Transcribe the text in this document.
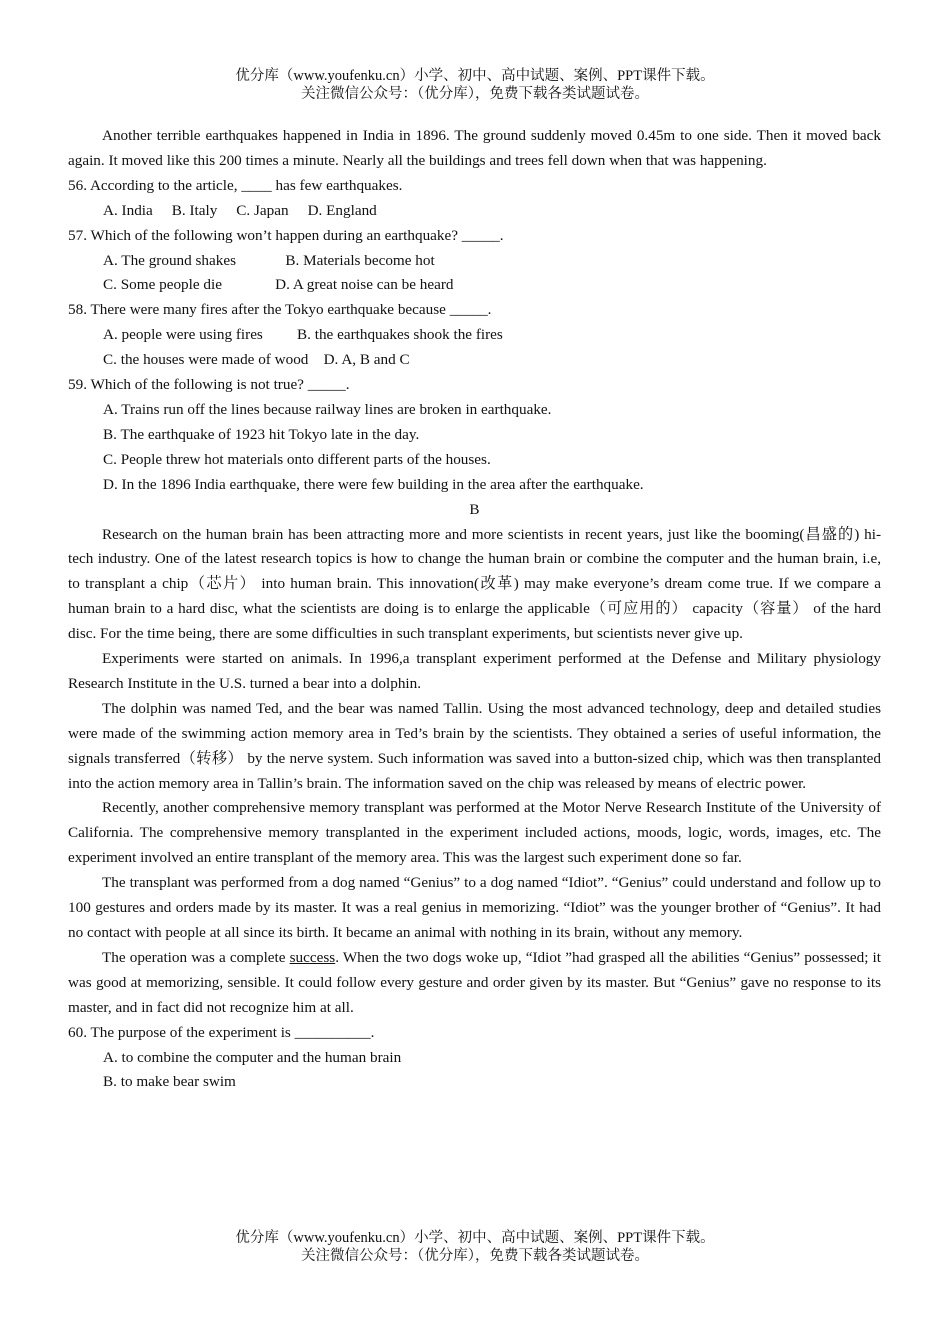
优分库（www.youfenku.cn）小学、初中、高中试题、案例、PPT课件下载。
关注微信公众号：（优分库），免费下载各类试题试卷。

Another terrible earthquakes happened in India in 1896. The ground suddenly moved 0.45m to one side. Then it moved back again. It moved like this 200 times a minute. Nearly all the buildings and trees fell down when that was happening.

56. According to the article, ____ has few earthquakes.

A. India     B. Italy     C. Japan     D. England

57. Which of the following won’t happen during an earthquake? _____.

A. The ground shakes             B. Materials become hot

C. Some people die              D. A great noise can be heard

58. There were many fires after the Tokyo earthquake because _____.

A. people were using fires         B. the earthquakes shook the fires

C. the houses were made of wood    D. A, B and C

59. Which of the following is not true? _____.

A. Trains run off the lines because railway lines are broken in earthquake.

B. The earthquake of 1923 hit Tokyo late in the day.

C. People threw hot materials onto different parts of the houses.

D. In the 1896 India earthquake, there were few building in the area after the earthquake.

B

Research on the human brain has been attracting more and more scientists in recent years, just like the booming(昌盛的) hi-tech industry. One of the latest research topics is how to change the human brain or combine the computer and the human brain, i.e, to transplant a chip（芯片） into human brain. This innovation(改革) may make everyone’s dream come true. If we compare a human brain to a hard disc, what the scientists are doing is to enlarge the applicable（可应用的） capacity（容量） of the hard disc. For the time being, there are some difficulties in such transplant experiments, but scientists never give up.

Experiments were started on animals. In 1996,a transplant experiment performed at the Defense and Military physiology Research Institute in the U.S. turned a bear into a dolphin.

The dolphin was named Ted, and the bear was named Tallin. Using the most advanced technology, deep and detailed studies were made of the swimming action memory area in Ted’s brain by the scientists. They obtained a series of useful information, the signals transferred（转移） by the nerve system. Such information was saved into a button-sized chip, which was then transplanted into the action memory area in Tallin’s brain. The information saved on the chip was released by means of electric power.

Recently, another comprehensive memory transplant was performed at the Motor Nerve Research Institute of the University of California. The comprehensive memory transplanted in the experiment included actions, moods, logic, words, images, etc. The experiment involved an entire transplant of the memory area. This was the largest such experiment done so far.

The transplant was performed from a dog named “Genius” to a dog named “Idiot”. “Genius” could understand and follow up to 100 gestures and orders made by its master. It was a real genius in memorizing. “Idiot” was the younger brother of “Genius”. It had no contact with people at all since its birth. It became an animal with nothing in its brain, without any memory.

The operation was a complete success. When the two dogs woke up, “Idiot ”had grasped all the abilities “Genius” possessed; it was good at memorizing, sensible. It could follow every gesture and order given by its master. But “Genius” gave no response to its master, and in fact did not recognize him at all.

60. The purpose of the experiment is __________.

A. to combine the computer and the human brain

B. to make bear swim

优分库（www.youfenku.cn）小学、初中、高中试题、案例、PPT课件下载。
关注微信公众号：（优分库），免费下载各类试题试卷。
